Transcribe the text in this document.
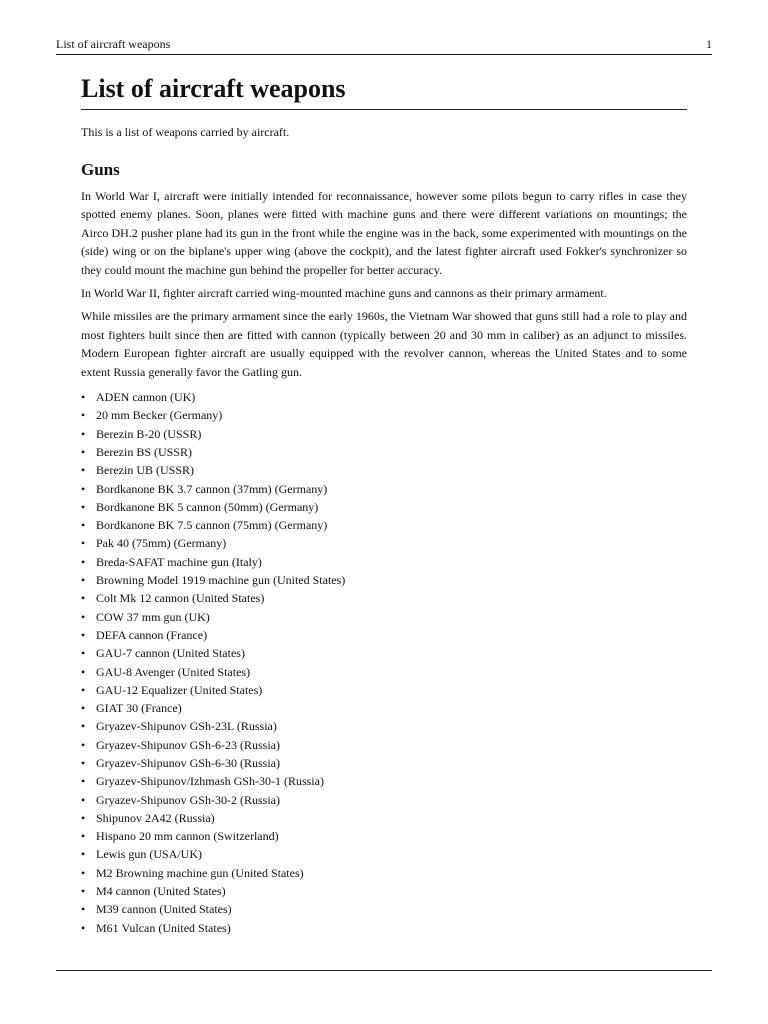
List of aircraft weapons	1
List of aircraft weapons

This is a list of weapons carried by aircraft.

Guns

In World War I, aircraft were initially intended for reconnaissance, however some pilots begun to carry rifles in case they spotted enemy planes. Soon, planes were fitted with machine guns and there were different variations on mountings; the Airco DH.2 pusher plane had its gun in the front while the engine was in the back, some experimented with mountings on the (side) wing or on the biplane's upper wing (above the cockpit), and the latest fighter aircraft used Fokker's synchronizer so they could mount the machine gun behind the propeller for better accuracy.

In World War II, fighter aircraft carried wing-mounted machine guns and cannons as their primary armament.

While missiles are the primary armament since the early 1960s, the Vietnam War showed that guns still had a role to play and most fighters built since then are fitted with cannon (typically between 20 and 30 mm in caliber) as an adjunct to missiles. Modern European fighter aircraft are usually equipped with the revolver cannon, whereas the United States and to some extent Russia generally favor the Gatling gun.

• ADEN cannon (UK)
• 20 mm Becker (Germany)
• Berezin B-20 (USSR)
• Berezin BS (USSR)
• Berezin UB (USSR)
• Bordkanone BK 3.7 cannon (37mm) (Germany)
• Bordkanone BK 5 cannon (50mm) (Germany)
• Bordkanone BK 7.5 cannon (75mm) (Germany)
• Pak 40 (75mm) (Germany)
• Breda-SAFAT machine gun (Italy)
• Browning Model 1919 machine gun (United States)
• Colt Mk 12 cannon (United States)
• COW 37 mm gun (UK)
• DEFA cannon (France)
• GAU-7 cannon (United States)
• GAU-8 Avenger (United States)
• GAU-12 Equalizer (United States)
• GIAT 30 (France)
• Gryazev-Shipunov GSh-23L (Russia)
• Gryazev-Shipunov GSh-6-23 (Russia)
• Gryazev-Shipunov GSh-6-30 (Russia)
• Gryazev-Shipunov/Izhmash GSh-30-1 (Russia)
• Gryazev-Shipunov GSh-30-2 (Russia)
• Shipunov 2A42 (Russia)
• Hispano 20 mm cannon (Switzerland)
• Lewis gun (USA/UK)
• M2 Browning machine gun (United States)
• M4 cannon (United States)
• M39 cannon (United States)
• M61 Vulcan (United States)
